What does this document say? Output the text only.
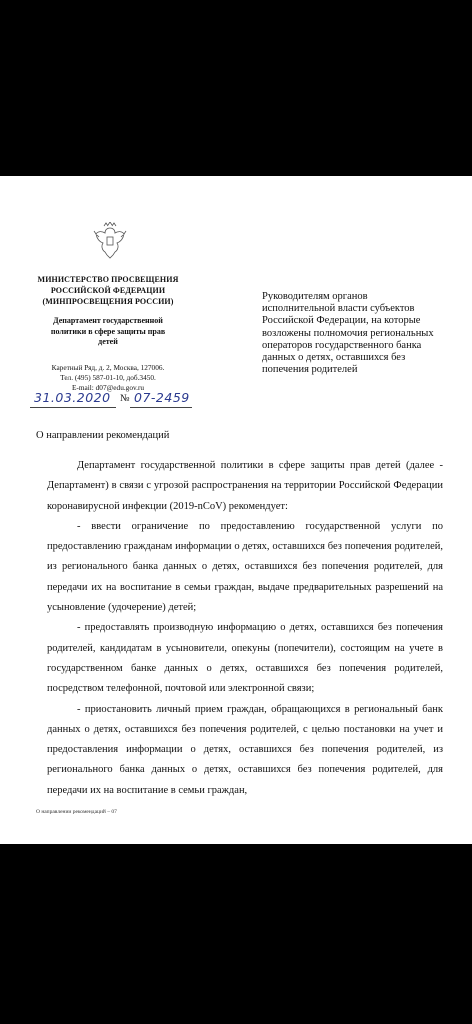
МИНИСТЕРСТВО ПРОСВЕЩЕНИЯ
РОССИЙСКОЙ ФЕДЕРАЦИИ
(МИНПРОСВЕЩЕНИЯ РОССИИ)
Департамент государственной
политики в сфере защиты прав
детей
Каретный Ряд, д. 2, Москва, 127006.
Тел. (495) 587-01-10, доб.3450.
E-mail: d07@edu.gov.ru
31.03.2020 № 07-2459
Руководителям органов
исполнительной власти субъектов
Российской Федерации, на которые
возложены полномочия региональных
операторов государственного банка
данных о детях, оставшихся без
попечения родителей
О направлении рекомендаций

Департамент государственной политики в сфере защиты прав детей (далее - Департамент) в связи с угрозой распространения на территории Российской Федерации коронавирусной инфекции (2019-nCoV) рекомендует:

- ввести ограничение по предоставлению государственной услуги по предоставлению гражданам информации о детях, оставшихся без попечения родителей, из регионального банка данных о детях, оставшихся без попечения родителей, для передачи их на воспитание в семьи граждан, выдаче предварительных разрешений на усыновление (удочерение) детей;

- предоставлять производную информацию о детях, оставшихся без попечения родителей, кандидатам в усыновители, опекуны (попечители), состоящим на учете в государственном банке данных о детях, оставшихся без попечения родителей, посредством телефонной, почтовой или электронной связи;

- приостановить личный прием граждан, обращающихся в региональный банк данных о детях, оставшихся без попечения родителей, с целью постановки на учет и предоставления информации о детях, оставшихся без попечения родителей, из регионального банка данных о детях, оставшихся без попечения родителей, для передачи их на воспитание в семьи граждан,

О направлении рекомендаций – 07
